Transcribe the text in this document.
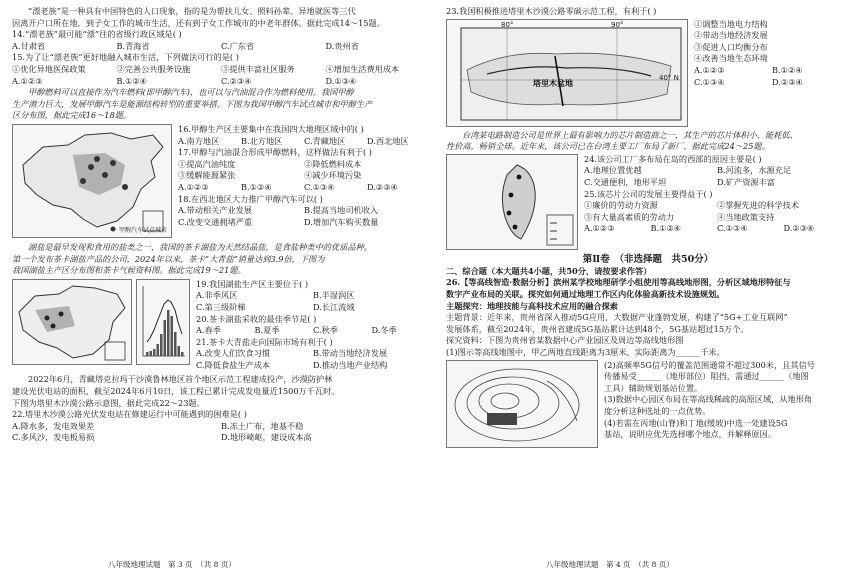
“漂老族”是一种具有中国特色的人口现象，指的是为帮扶儿女、照料孙辈、异地就医等三代

因离开户口所在地，到子女工作的城市生活，还有到子女工作城市的中老年群体。据此完成14～15题。

14.“漂老族”最可能“漂”往的省级行政区域是( )

A.甘肃省	B.青海省	C.广东省	D.贵州省

15.为了让“漂老族”更好地融入城市生活，下列做法可行的是( )

①优化异地医保政策	②完善公共服务设施	③提供丰富社区服务	④增加生活费用成本
A.①②③	B.①②④	C.②③④	D.①③④

甲醇燃料可以直接作为汽车燃料(即甲醇汽车)，也可以与汽油混合作为燃料使用。我国甲醇

生产潜力巨大，发展甲醇汽车是能源结构转型的重要举措。下图为我国甲醇汽车试点城市和甲醇生产

区分布图，据此完成16～18题。

甲醇汽车试点城市

16.甲醇生产区主要集中在我国四大地理区域中的( )

A.南方地区	B.北方地区	C.青藏地区	D.西北地区

17.甲醇与汽油混合形成甲醇燃料，这样做法有利于( )

①提高汽油纯度	②降低燃料成本
③缓解能源紧张	④减少环境污染
A.①②③	B.①②④	C.①③④	D.②③④

18.在西北地区大力推广甲醇汽车可以( )

A.带动相关产业发展	B.提高当地司机收入
C.改变交通拥堵严重	D.增加汽车购买数量

湖盐是最早发现和食用的盐类之一，我国的茶卡湖盐为天然结晶盐，是食盐种类中的优质品种。

第一个发布茶卡湖盐产品的公司，2024年以来，茶卡“大青盐”销量达到3.9倍，下图为

我国湖盐主产区分布图和茶卡气候资料图。据此完成19～21题。

19.我国湖盐生产区主要位于( )

A.非季风区	B.半湿润区
C.第三级阶梯	D.长江流域

20.茶卡湖盐采收的最佳季节是( )

A.春季	B.夏季	C.秋季	D.冬季

21.茶卡大青盐走向国际市场有利于( )

A.改变人们饮食习惯	B.带动当地经济发展
C.降低食盐生产成本	D.推动当地产业结构

2022年6月，青藏塔克拉玛干沙漠鲁林地区首个地区示范工程建成投产，沙漠防护林

建设光伏电站的面积，截至2024年6月10日，该工程已累计完成发电量近1500万千瓦时。

下图为塔里木沙漠公路示意图，据此完成22～23题。

22.塔里木沙漠公路光伏发电站在修建运行中可能遇到的困难是( )

A.降水多，发电效果差	B.冻土广布，地基不稳
C.多风沙，发电板易损	D.地形崎岖，建设成本高
八年级地理试题　第 3 页　（共 8 页）

23.我国积极推进塔里木沙漠公路零碳示范工程，有利于( )

80°	90°
塔里木盆地
40° N

①调整当地电力结构

②带动当地经济发展

③促进人口均衡分布

④改善当地生态环境

A.①②③	B.①②④
C.①③④	D.②③④

台湾某电路制造公司是世界上最有影响力的芯片制造商之一，其生产的芯片体积小、能耗低、

性价高，畅销全球。近年来，该公司已在台湾主要工厂布局了新厂，据此完成24～25题。

24.该公司工厂多布局在岛的西部的原因主要是( )

A.地理位置优越	B.河流多，水源充足
C.交通便利，地形平坦	D.矿产资源丰富

25.该芯片公司的发展主要得益于( )

①廉价的劳动力资源	②掌握先进的科学技术
③有大量高素质的劳动力	④当地政策支持
A.①②③	B.①②④	C.①③④	D.②③④
第Ⅱ卷　（非选择题　共50分）

二、综合题（本大题共4小题，共50分，请按要求作答）

26.【等高线智造·数据分析】滨州某学校地理研学小组使用等高线地形图，分析区域地形特征与

数字产业布局的关联。探究如何通过地理工作区内化体验高新技术设施规划。

主题探究：地理技能与高科技术应用的融合探索

主题背景：近年来，贵州省深入推动5G应用，大数据产业蓬勃发展，构建了“5G+工业互联网”

发展体系，截至2024年，贵州省建成5G基站累计达到48个，5G基站超过15万个。

探究资料：下图为贵州省某数据中心产业园区及周边等高线地形图

(1)图示等高线地图中，甲乙两地直线距离为3厘米，实际距离为______千米。

(2)高频率5G信号的覆盖范围通常不超过300米，且其信号

传播易受______（地形部位）阻挡，需通过______（地图

工具）辅助规划基站位置。

(3)数据中心园区布局在等高线稀疏的高原区域，从地形角

度分析这种选址的一点优势。

(4)若需在丙地(山脊)和丁地(缓坡)中选一处建设5G

基站，说明应优先选择哪个地点，并解释原因。

八年级地理试题　第 4 页　（共 8 页）
